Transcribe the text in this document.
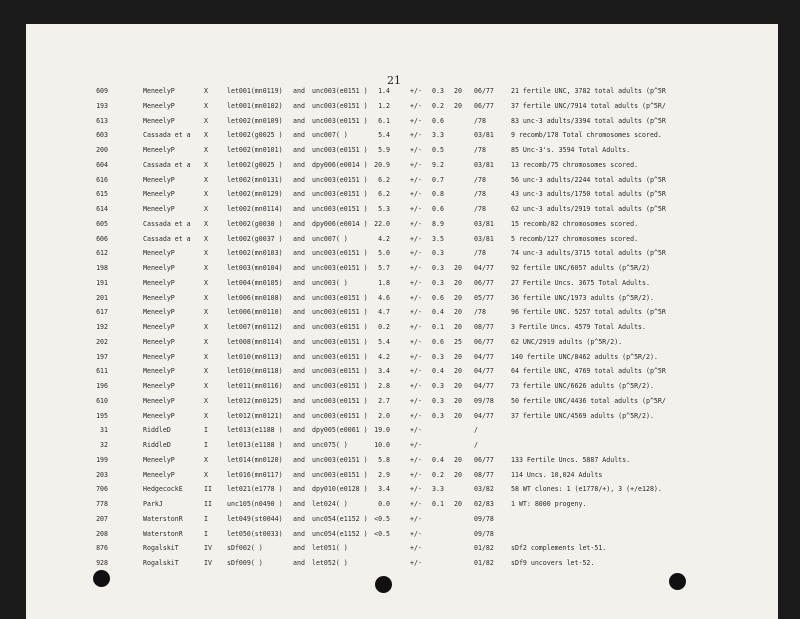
21
609	MeneelyP	X	let001(mn0119) and unc003(e0151 )	1.4	+/- 0.3 20 06/77	21 fertile UNC, 3782 total adults (p^5R
193	MeneelyP	X	let001(mn0102) and unc003(e0151 )	1.2	+/- 0.2 20 06/77	37 fertile UNC/7914 total adults (p^5R/
613	MeneelyP	X	let002(mn0109) and unc003(e0151 )	6.1	+/- 0.6	/78	83 unc-3 adults/3394 total adults (p^5R
603	Cassada et a X	let002(g0025 ) and unc007( )	5.4	+/- 3.3	03/81	9 recomb/178 Total chromosomes scored.
200	MeneelyP	X	let002(mn0101) and unc003(e0151 )	5.9	+/- 0.5	/78	85 Unc-3's. 3594 Total Adults.
604	Cassada et a X	let002(g0025 ) and dpy006(e0014 ) 20.9	+/- 9.2	03/81	13 recomb/75 chromosomes scored.
616	MeneelyP	X	let002(mn0131) and unc003(e0151 )	6.2	+/- 0.7	/78	56 unc-3 adults/2244 total adults (p^5R
615	MeneelyP	X	let002(mn0129) and unc003(e0151 )	6.2	+/- 0.8	/78	43 unc-3 adults/1750 total adults (p^5R
614	MeneelyP	X	let002(mn0114) and unc003(e0151 )	5.3	+/- 0.6	/78	62 unc-3 adults/2919 total adults (p^5R
605	Cassada et a X	let002(g0030 ) and dpy006(e0014 ) 22.0	+/- 8.9	03/81	15 recomb/82 chromosomes scored.
606	Cassada et a X	let002(g0037 ) and unc007( )	4.2	+/- 3.5	03/81	5 recomb/127 chromosomes scored.
612	MeneelyP	X	let002(mn0103) and unc003(e0151 )	5.0	+/- 0.3	/78	74 unc-3 adults/3715 total adults (p^5R
198	MeneelyP	X	let003(mn0104) and unc003(e0151 )	5.7	+/- 0.3 20 04/77	92 fertile UNC/6057 adults (p^5R/2)
191	MeneelyP	X	let004(mn0105) and unc003( )	1.8	+/- 0.3 20 06/77	27 Fertile Uncs. 3675 Total Adults.
201	MeneelyP	X	let006(mn0108) and unc003(e0151 )	4.6	+/- 0.6 20 05/77	36 fertile UNC/1973 adults (p^5R/2).
617	MeneelyP	X	let006(mn0110) and unc003(e0151 )	4.7	+/- 0.4 20 /78	96 fertile UNC. 5257 total adults (p^5R
192	MeneelyP	X	let007(mn0112) and unc003(e0151 )	0.2	+/- 0.1 20 08/77	3 Fertile Uncs. 4579 Total Adults.
202	MeneelyP	X	let008(mn0114) and unc003(e0151 )	5.4	+/- 0.6 25 06/77	62 UNC/2919 adults (p^5R/2).
197	MeneelyP	X	let010(mn0113) and unc003(e0151 )	4.2	+/- 0.3 20 04/77	140 fertile UNC/8462 adults (p^5R/2).
611	MeneelyP	X	let010(mn0118) and unc003(e0151 )	3.4	+/- 0.4 20 04/77	64 fertile UNC, 4769 total adults (p^5R
196	MeneelyP	X	let011(mn0116) and unc003(e0151 )	2.8	+/- 0.3 20 04/77	73 fertile UNC/6626 adults (p^5R/2).
610	MeneelyP	X	let012(mn0125) and unc003(e0151 )	2.7	+/- 0.3 20 09/78	50 fertile UNC/4436 total adults (p^5R/
195	MeneelyP	X	let012(mn0121) and unc003(e0151 )	2.0	+/- 0.3 20 04/77	37 fertile UNC/4569 adults (p^5R/2).
31	RiddleD	I	let013(e1188 ) and dpy005(e0061 ) 19.0	+/-	/
32	RiddleD	I	let013(e1188 ) and unc075( )	10.0	+/-	/
199	MeneelyP	X	let014(mn0120) and unc003(e0151 )	5.8	+/- 0.4 20 06/77	133 Fertile Uncs. 5887 Adults.
203	MeneelyP	X	let016(mn0117) and unc003(e0151 )	2.9	+/- 0.2 20 08/77	114 Uncs. 10,024 Adults
706	HedgecockE	II let021(e1778 ) and dpy010(e0128 )	3.4	+/- 3.3	03/82	58 WT clones: 1 (e1778/+), 3 (+/e128).
778	ParkJ	II unc105(n0490 ) and let024( )	0.0	+/- 0.1 20 02/83	1 WT: 8000 progeny.
207	WaterstonR	I	let049(st0044) and unc054(e1152 ) <0.5	+/-	09/78
208	WaterstonR	I	let050(st0033) and unc054(e1152 ) <0.5	+/-	09/78
876	RogalskiT	IV sDf002( )	and let051( )	+/-	01/82	sDf2 complements let-51.
928	RogalskiT	IV sDf009( )	and let052( )	+/-	01/82	sDf9 uncovers let-52.
